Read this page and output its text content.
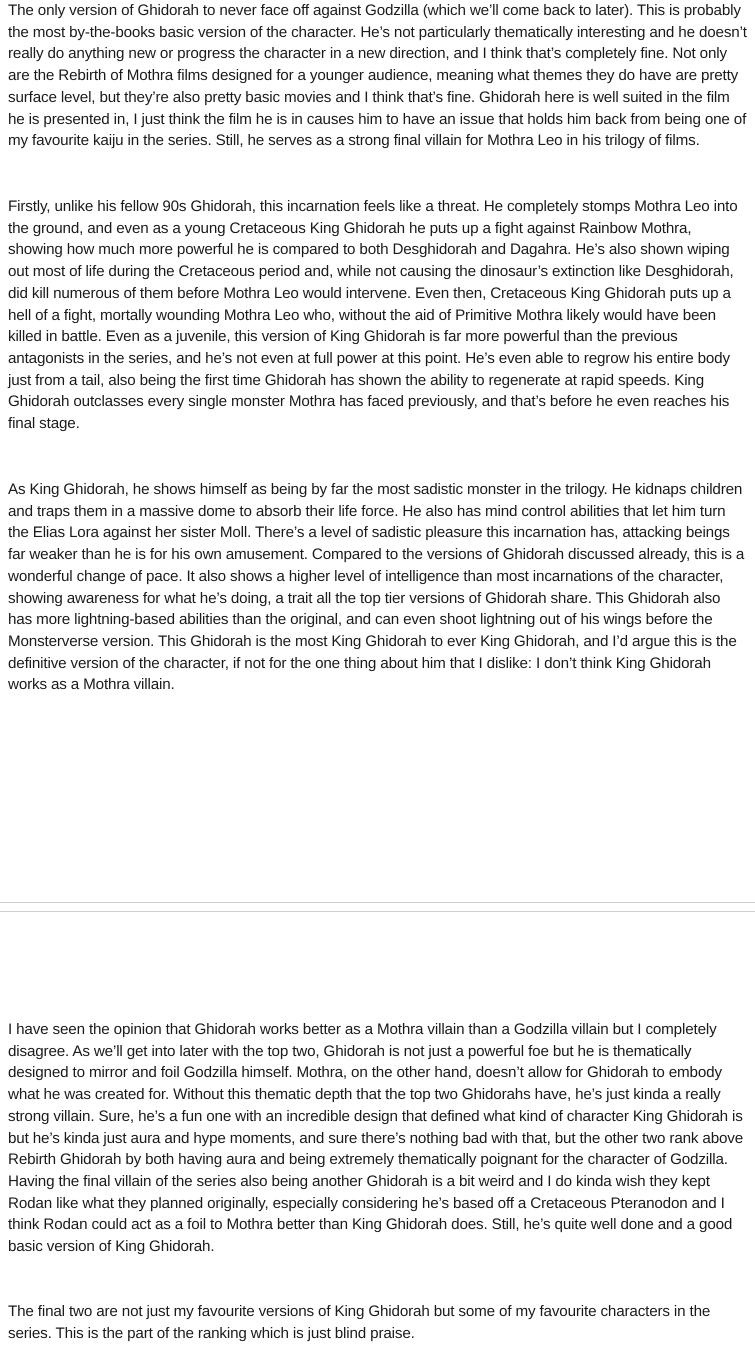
The only version of Ghidorah to never face off against Godzilla (which we’ll come back to later). This is probably the most by-the-books basic version of the character. He’s not particularly thematically interesting and he doesn’t really do anything new or progress the character in a new direction, and I think that’s completely fine. Not only are the Rebirth of Mothra films designed for a younger audience, meaning what themes they do have are pretty surface level, but they’re also pretty basic movies and I think that’s fine. Ghidorah here is well suited in the film he is presented in, I just think the film he is in causes him to have an issue that holds him back from being one of my favourite kaiju in the series. Still, he serves as a strong final villain for Mothra Leo in his trilogy of films.

Firstly, unlike his fellow 90s Ghidorah, this incarnation feels like a threat. He completely stomps Mothra Leo into the ground, and even as a young Cretaceous King Ghidorah he puts up a fight against Rainbow Mothra, showing how much more powerful he is compared to both Desghidorah and Dagahra. He’s also shown wiping out most of life during the Cretaceous period and, while not causing the dinosaur’s extinction like Desghidorah, did kill numerous of them before Mothra Leo would intervene. Even then, Cretaceous King Ghidorah puts up a hell of a fight, mortally wounding Mothra Leo who, without the aid of Primitive Mothra likely would have been killed in battle. Even as a juvenile, this version of King Ghidorah is far more powerful than the previous antagonists in the series, and he’s not even at full power at this point. He’s even able to regrow his entire body just from a tail, also being the first time Ghidorah has shown the ability to regenerate at rapid speeds. King Ghidorah outclasses every single monster Mothra has faced previously, and that’s before he even reaches his final stage.

As King Ghidorah, he shows himself as being by far the most sadistic monster in the trilogy. He kidnaps children and traps them in a massive dome to absorb their life force. He also has mind control abilities that let him turn the Elias Lora against her sister Moll. There’s a level of sadistic pleasure this incarnation has, attacking beings far weaker than he is for his own amusement. Compared to the versions of Ghidorah discussed already, this is a wonderful change of pace. It also shows a higher level of intelligence than most incarnations of the character, showing awareness for what he’s doing, a trait all the top tier versions of Ghidorah share. This Ghidorah also has more lightning-based abilities than the original, and can even shoot lightning out of his wings before the Monsterverse version. This Ghidorah is the most King Ghidorah to ever King Ghidorah, and I’d argue this is the definitive version of the character, if not for the one thing about him that I dislike: I don’t think King Ghidorah works as a Mothra villain.

I have seen the opinion that Ghidorah works better as a Mothra villain than a Godzilla villain but I completely disagree. As we’ll get into later with the top two, Ghidorah is not just a powerful foe but he is thematically designed to mirror and foil Godzilla himself. Mothra, on the other hand, doesn’t allow for Ghidorah to embody what he was created for. Without this thematic depth that the top two Ghidorahs have, he’s just kinda a really strong villain. Sure, he’s a fun one with an incredible design that defined what kind of character King Ghidorah is but he’s kinda just aura and hype moments, and sure there’s nothing bad with that, but the other two rank above Rebirth Ghidorah by both having aura and being extremely thematically poignant for the character of Godzilla. Having the final villain of the series also being another Ghidorah is a bit weird and I do kinda wish they kept Rodan like what they planned originally, especially considering he’s based off a Cretaceous Pteranodon and I think Rodan could act as a foil to Mothra better than King Ghidorah does. Still, he’s quite well done and a good basic version of King Ghidorah.

The final two are not just my favourite versions of King Ghidorah but some of my favourite characters in the series. This is the part of the ranking which is just blind praise.
